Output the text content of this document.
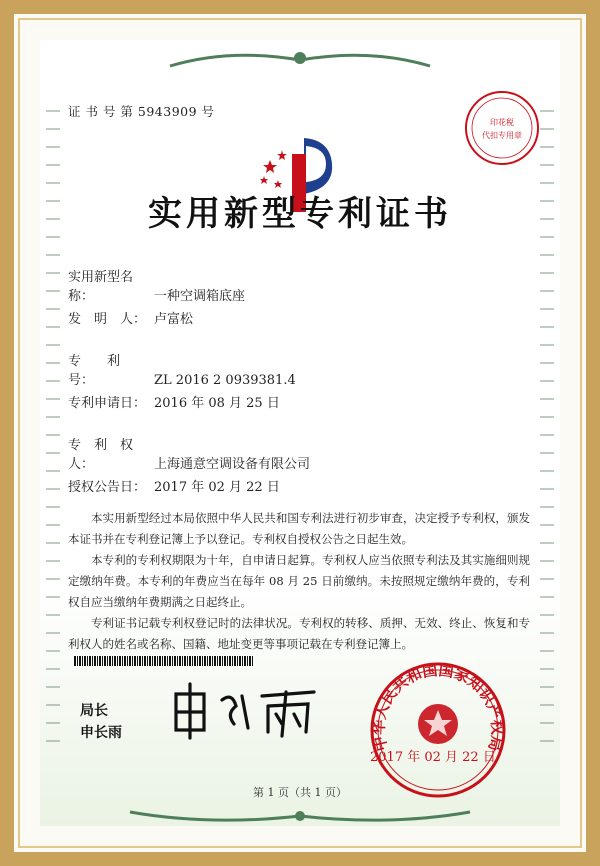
证 书 号 第 5943909 号
印花税
代扣专用章
实用新型专利证书
实用新型名称：	一种空调箱底座
发　明　人： 卢富松
专　　利　号：	ZL 2016 2 0939381.4
专利申请日： 2016 年 08 月 25 日
专　利　权　人：	上海通意空调设备有限公司
授权公告日： 2017 年 02 月 22 日

本实用新型经过本局依照中华人民共和国专利法进行初步审查，决定授予专利权，颁发本证书并在专利登记簿上予以登记。专利权自授权公告之日起生效。

本专利的专利权期限为十年，自申请日起算。专利权人应当依照专利法及其实施细则规定缴纳年费。本专利的年费应当在每年 08 月 25 日前缴纳。未按照规定缴纳年费的，专利权自应当缴纳年费期满之日起终止。

专利证书记载专利权登记时的法律状况。专利权的转移、质押、无效、终止、恢复和专利权人的姓名或名称、国籍、地址变更等事项记载在专利登记簿上。

局长
申长雨
中华人民共和国国家知识产权局
2017 年 02 月 22 日
第 1 页（共 1 页）
